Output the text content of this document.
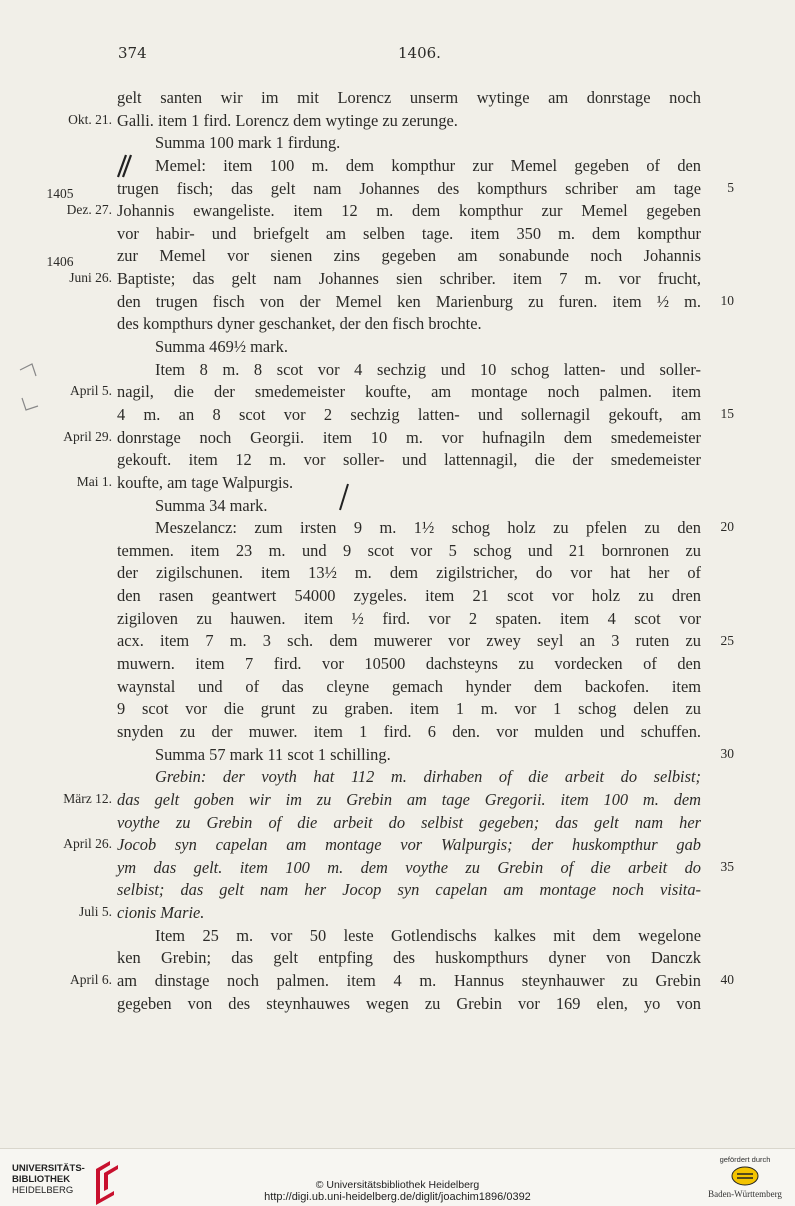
374	1406.
Okt. 21.
Dez. 27.
Juni 26.
April 5.
April 29.
Mai 1.
März 12.
April 26.
Juli 5.
April 6.
1405
1406
5
10
15
20
25
30
35
40
gelt santen wir im mit Lorencz unserm wytinge am donrstage noch
Galli. item 1 fird. Lorencz dem wytinge zu zerunge.
Summa 100 mark 1 firdung.
Memel: item 100 m. dem kompthur zur Memel gegeben of den
trugen fisch; das gelt nam Johannes des kompthurs schriber am tage
Johannis ewangeliste. item 12 m. dem kompthur zur Memel gegeben
vor habir- und briefgelt am selben tage. item 350 m. dem kompthur
zur Memel vor sienen zins gegeben am sonabunde noch Johannis
Baptiste; das gelt nam Johannes sien schriber. item 7 m. vor frucht,
den trugen fisch von der Memel ken Marienburg zu furen. item ½ m.
des kompthurs dyner geschanket, der den fisch brochte.
Summa 469½ mark.
Item 8 m. 8 scot vor 4 sechzig und 10 schog latten- und soller-
nagil, die der smedemeister koufte, am montage noch palmen. item
4 m. an 8 scot vor 2 sechzig latten- und sollernagil gekouft, am
donrstage noch Georgii. item 10 m. vor hufnagiln dem smedemeister
gekouft. item 12 m. vor soller- und lattennagil, die der smedemeister
koufte, am tage Walpurgis.
Summa 34 mark.
Meszelancz: zum irsten 9 m. 1½ schog holz zu pfelen zu den
temmen. item 23 m. und 9 scot vor 5 schog und 21 bornronen zu
der zigilschunen. item 13½ m. dem zigilstricher, do vor hat her of
den rasen geantwert 54000 zygeles. item 21 scot vor holz zu dren
zigiloven zu hauwen. item ½ fird. vor 2 spaten. item 4 scot vor
acx. item 7 m. 3 sch. dem muwerer vor zwey seyl an 3 ruten zu
muwern. item 7 fird. vor 10500 dachsteyns zu vordecken of den
waynstal und of das cleyne gemach hynder dem backofen. item
9 scot vor die grunt zu graben. item 1 m. vor 1 schog delen zu
snyden zu der muwer. item 1 fird. 6 den. vor mulden und schuffen.
Summa 57 mark 11 scot 1 schilling.
Grebin: der voyth hat 112 m. dirhaben of die arbeit do selbist;
das gelt goben wir im zu Grebin am tage Gregorii. item 100 m. dem
voythe zu Grebin of die arbeit do selbist gegeben; das gelt nam her
Jocob syn capelan am montage vor Walpurgis; der huskompthur gab
ym das gelt. item 100 m. dem voythe zu Grebin of die arbeit do
selbist; das gelt nam her Jocop syn capelan am montage noch visita-
cionis Marie.
Item 25 m. vor 50 leste Gotlendischs kalkes mit dem wegelone
ken Grebin; das gelt entpfing des huskompthurs dyner von Danczk
am dinstage noch palmen. item 4 m. Hannus steynhauwer zu Grebin
gegeben von des steynhauwes wegen zu Grebin vor 169 elen, yo von
UNIVERSITÄTS-
BIBLIOTHEK
HEIDELBERG	© Universitätsbibliothek Heidelberg
http://digi.ub.uni-heidelberg.de/diglit/joachim1896/0392
gefördert durch
Baden-Württemberg
